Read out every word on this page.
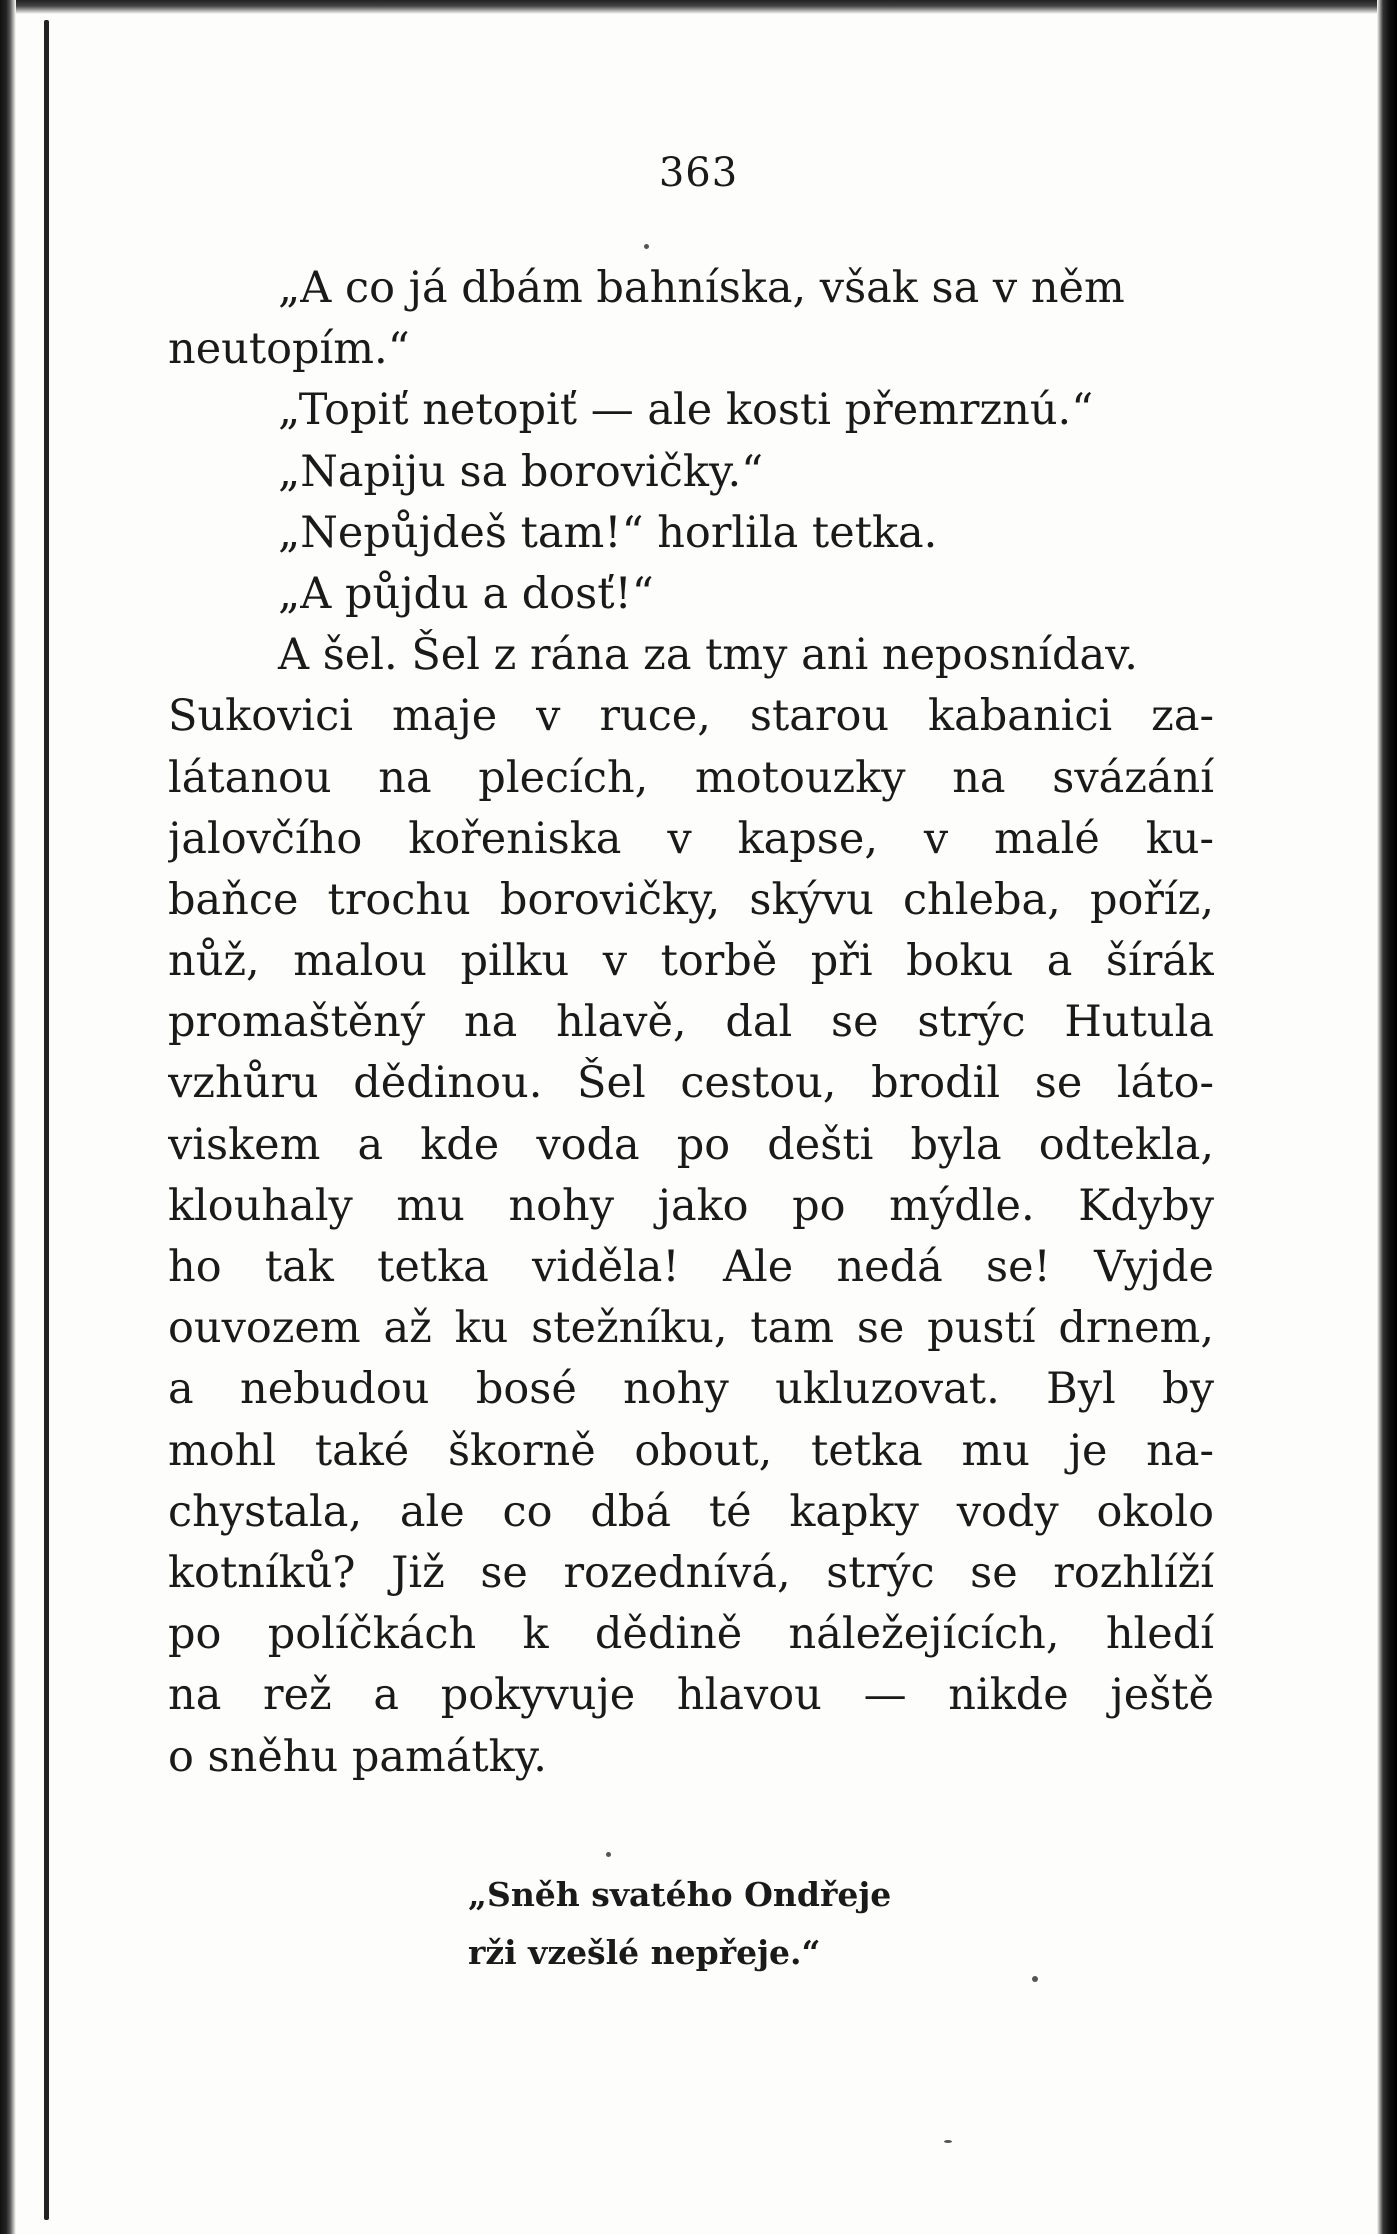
363
„A co já dbám bahníska, však sa v něm
neutopím.“
„Topiť netopiť — ale kosti přemrznú.“
„Napiju sa borovičky.“
„Nepůjdeš tam!“ horlila tetka.
„A půjdu a dosť!“
A šel. Šel z rána za tmy ani neposnídav.
Sukovici maje v ruce, starou kabanici za-
látanou na plecích, motouzky na svázání
jalovčího kořeniska v kapse, v malé ku-
baňce trochu borovičky, skývu chleba, poříz,
nůž, malou pilku v torbě při boku a šírák
promaštěný na hlavě, dal se strýc Hutula
vzhůru dědinou. Šel cestou, brodil se láto-
viskem a kde voda po dešti byla odtekla,
klouhaly mu nohy jako po mýdle. Kdyby
ho tak tetka viděla! Ale nedá se! Vyjde
ouvozem až ku stežníku, tam se pustí drnem,
a nebudou bosé nohy ukluzovat. Byl by
mohl také škorně obout, tetka mu je na-
chystala, ale co dbá té kapky vody okolo
kotníků? Již se rozednívá, strýc se rozhlíží
po políčkách k dědině náležejících, hledí
na rež a pokyvuje hlavou — nikde ještě
o sněhu památky.
„Sněh svatého Ondřeje
rži vzešlé nepřeje.“
